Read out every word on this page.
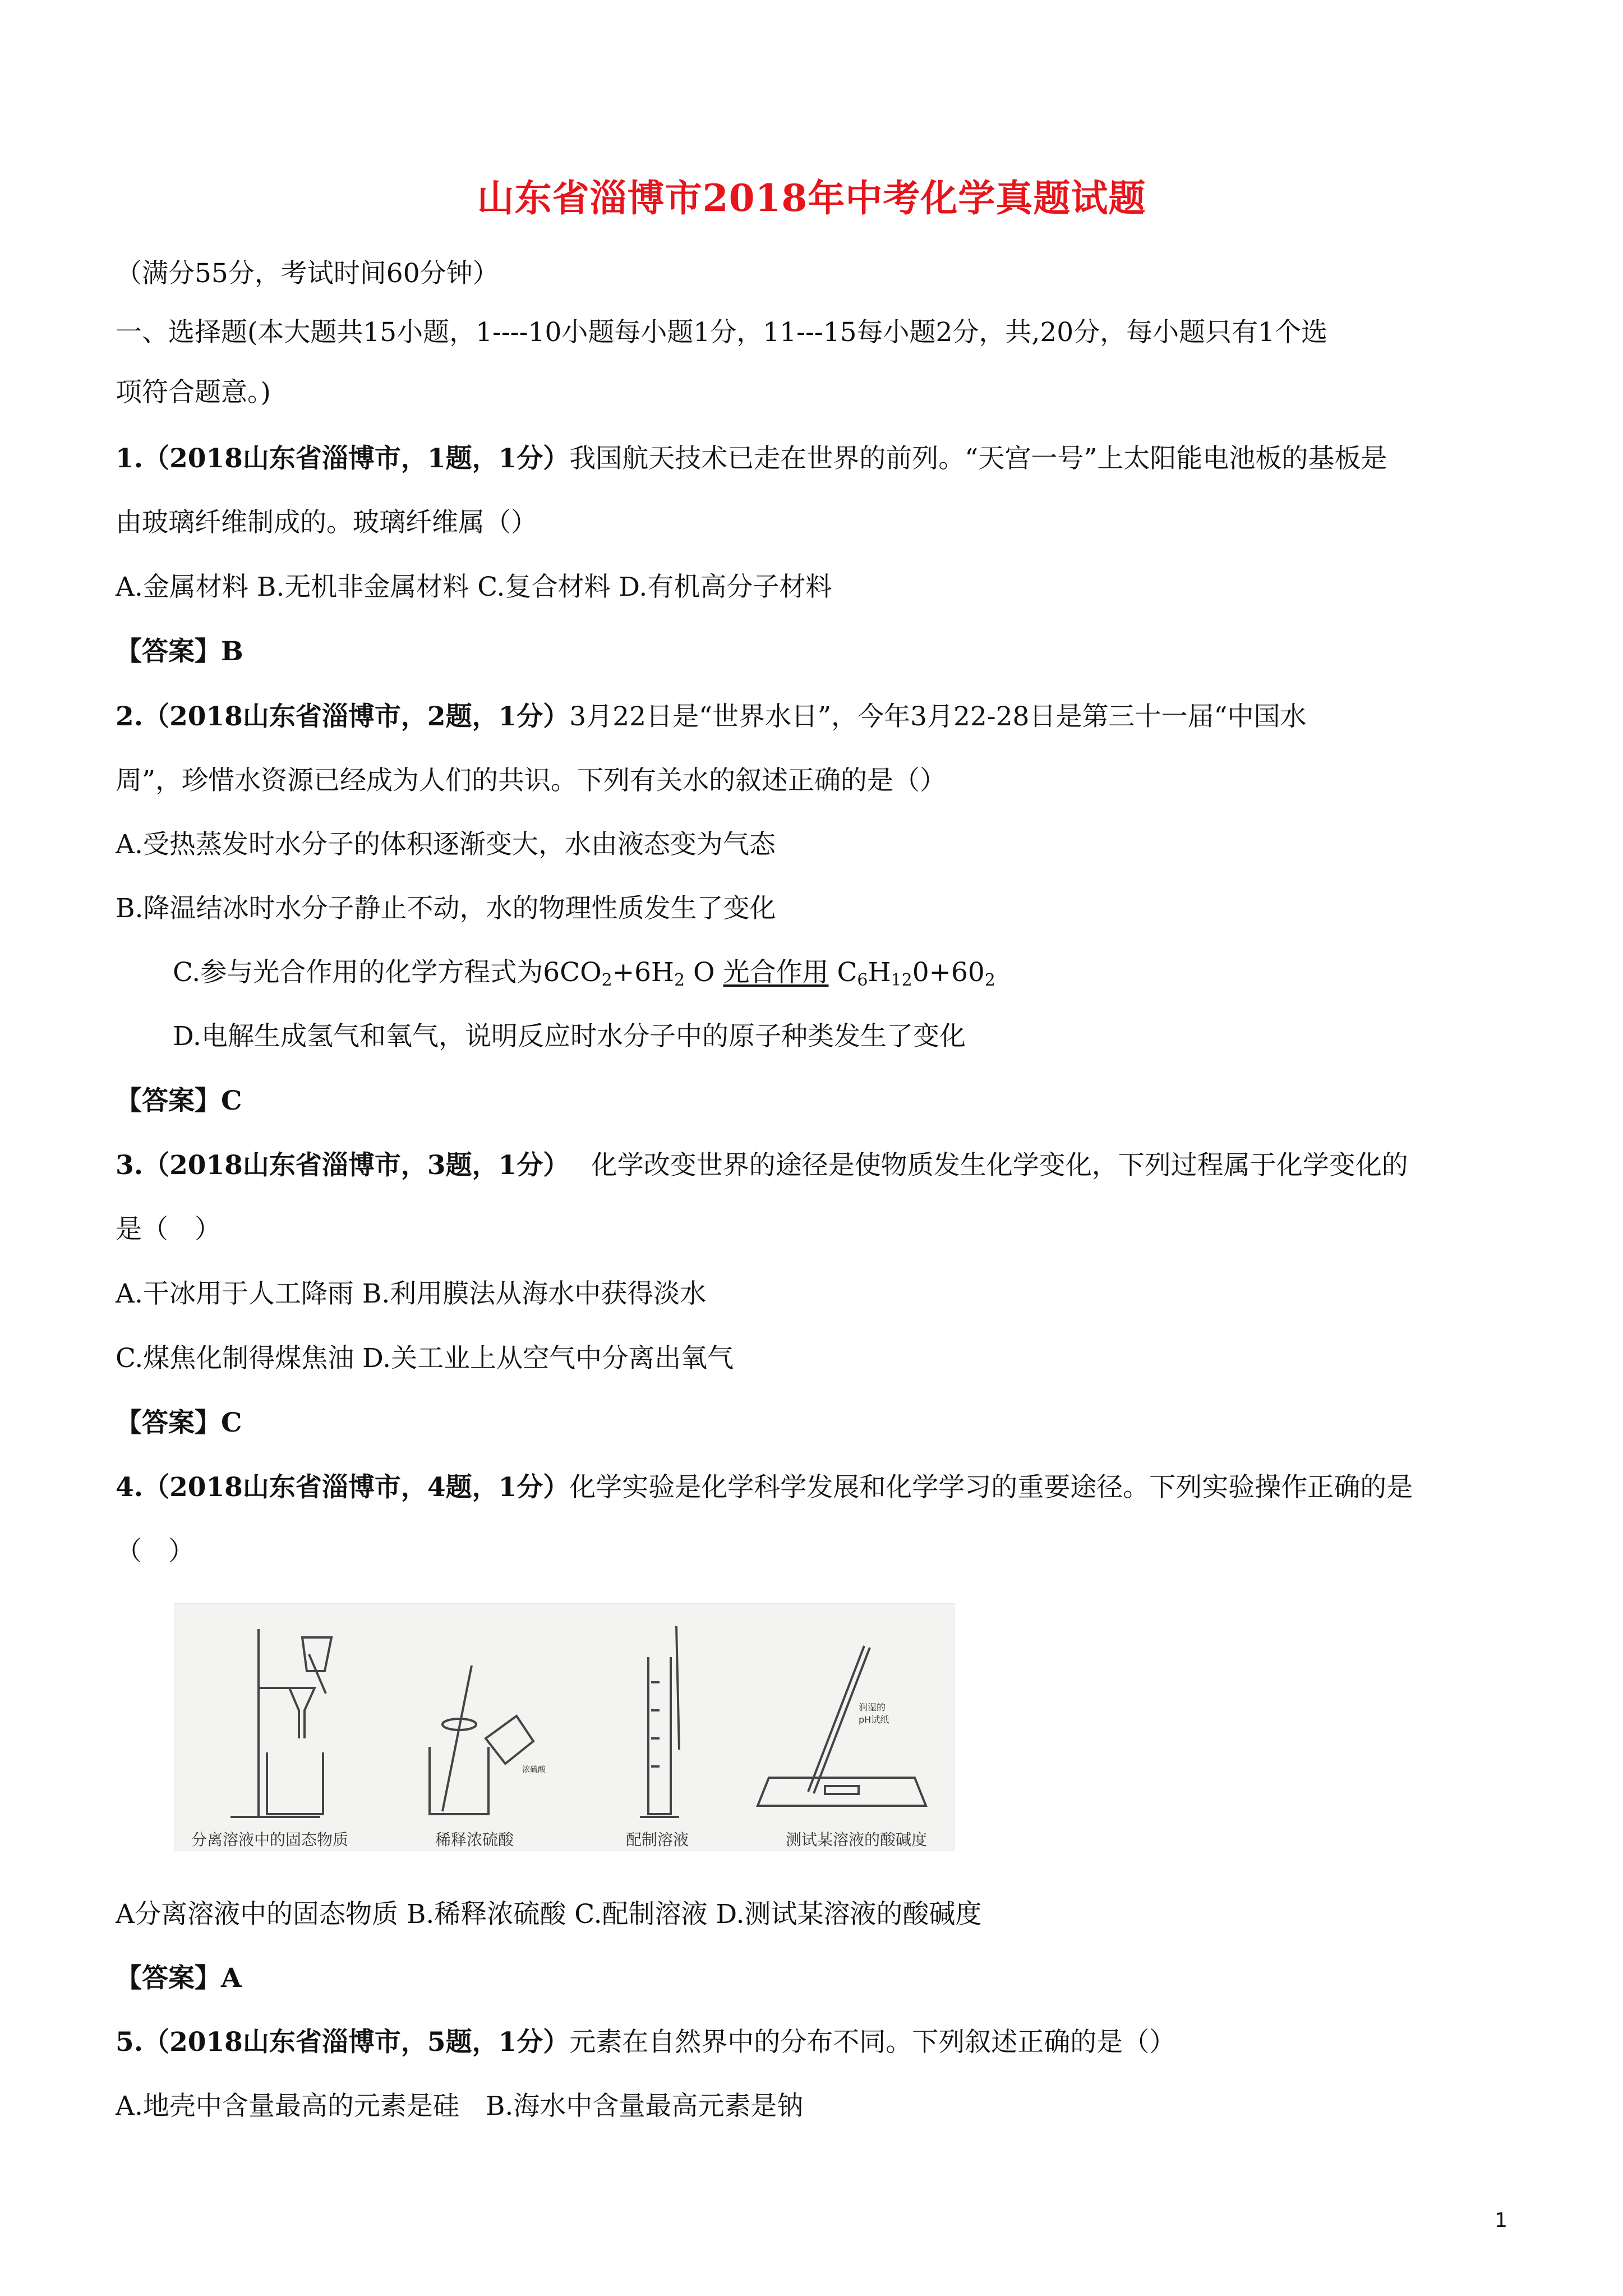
山东省淄博市2018年中考化学真题试题
（满分55分，考试时间60分钟）
一、选择题(本大题共15小题，1----10小题每小题1分，11---15每小题2分，共,20分，每小题只有1个选
项符合题意。)
1.（2018山东省淄博市，1题，1分）我国航天技术已走在世界的前列。“天宫一号”上太阳能电池板的基板是
由玻璃纤维制成的。玻璃纤维属（）
A.金属材料 B.无机非金属材料 C.复合材料 D.有机高分子材料
【答案】B
2.（2018山东省淄博市，2题，1分）3月22日是“世界水日”，今年3月22-28日是第三十一届“中国水
周”，珍惜水资源已经成为人们的共识。下列有关水的叙述正确的是（）
A.受热蒸发时水分子的体积逐渐变大，水由液态变为气态
B.降温结冰时水分子静止不动，水的物理性质发生了变化
C.参与光合作用的化学方程式为$6CO_2+6H_2$ O 光合作用 $C_6H_{12}0+60_2$
D.电解生成氢气和氧气，说明反应时水分子中的原子种类发生了变化
【答案】C
3.（2018山东省淄博市，3题，1分）　 化学改变世界的途径是使物质发生化学变化，下列过程属于化学变化的
是（　）
A.干冰用于人工降雨 B.利用膜法从海水中获得淡水
C.煤焦化制得煤焦油 D.关工业上从空气中分离出氧气
【答案】C
4.（2018山东省淄博市，4题，1分）化学实验是化学科学发展和化学学习的重要途径。下列实验操作正确的是
（　）
润湿的
pH试纸
浓硫酸
分离溶液中的固态物质	稀释浓硫酸	配制溶液	测试某溶液的酸碱度
A分离溶液中的固态物质 B.稀释浓硫酸 C.配制溶液 D.测试某溶液的酸碱度
【答案】A
5.（2018山东省淄博市，5题，1分）元素在自然界中的分布不同。下列叙述正确的是（）
A.地壳中含量最高的元素是硅　B.海水中含量最高元素是钠
1
